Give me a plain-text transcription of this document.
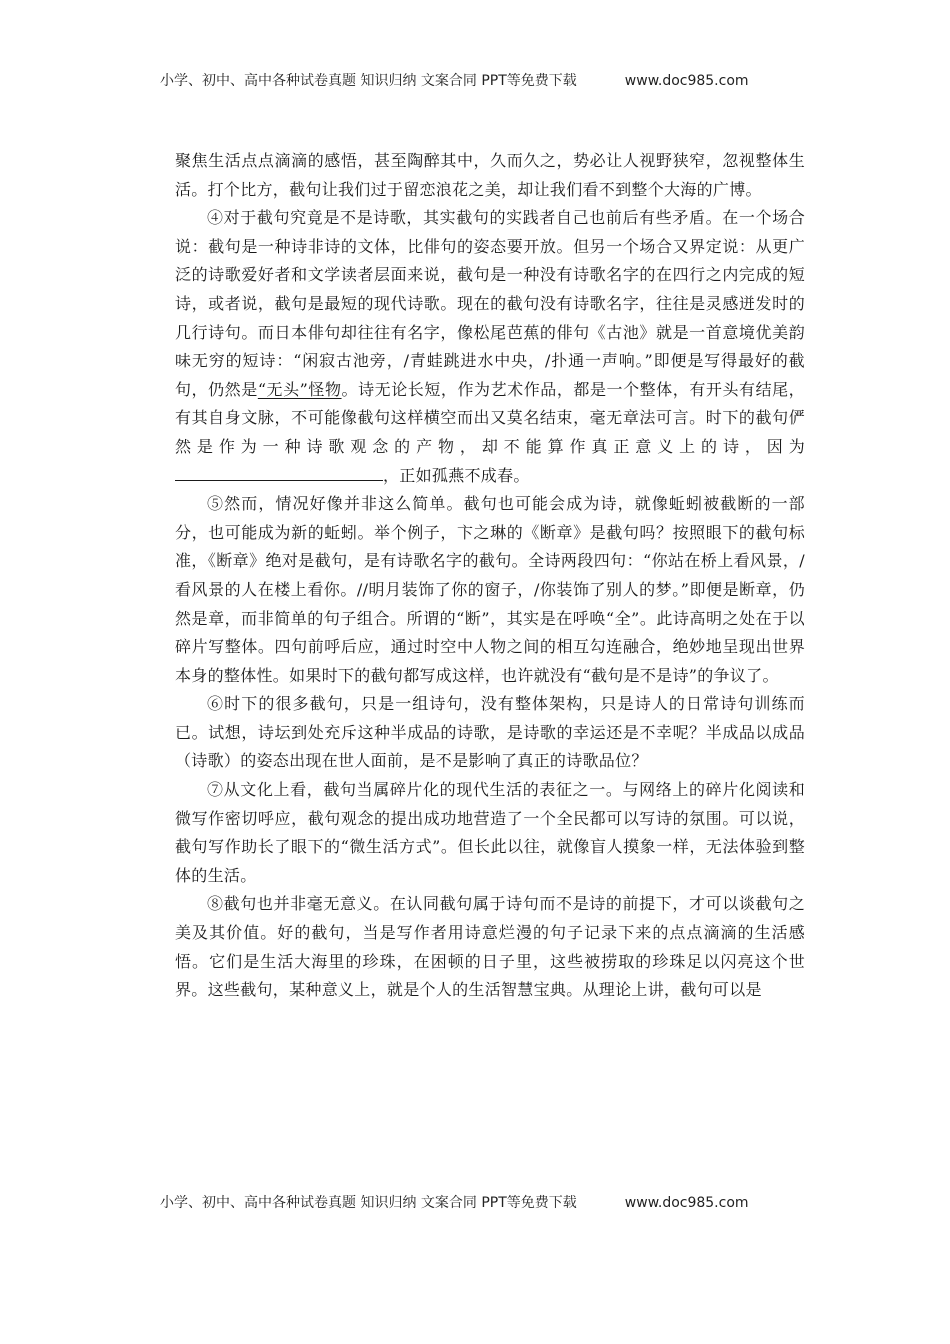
小学、初中、高中各种试卷真题 知识归纳 文案合同 PPT等免费下载	www.doc985.com

聚焦生活点点滴滴的感悟，甚至陶醉其中，久而久之，势必让人视野狭窄，忽视整体生活。打个比方，截句让我们过于留恋浪花之美，却让我们看不到整个大海的广博。

④对于截句究竟是不是诗歌，其实截句的实践者自己也前后有些矛盾。在一个场合说：截句是一种诗非诗的文体，比俳句的姿态要开放。但另一个场合又界定说：从更广泛的诗歌爱好者和文学读者层面来说，截句是一种没有诗歌名字的在四行之内完成的短诗，或者说，截句是最短的现代诗歌。现在的截句没有诗歌名字，往往是灵感迸发时的几行诗句。而日本俳句却往往有名字，像松尾芭蕉的俳句《古池》就是一首意境优美韵味无穷的短诗：“闲寂古池旁，/青蛙跳进水中央，/扑通一声响。”即便是写得最好的截句，仍然是“无头”怪物。诗无论长短，作为艺术作品，都是一个整体，有开头有结尾，有其自身文脉，不可能像截句这样横空而出又莫名结束，毫无章法可言。时下的截句俨然是作为一种诗歌观念的产物，却不能算作真正意义上的诗，因为，正如孤燕不成春。

⑤然而，情况好像并非这么简单。截句也可能会成为诗，就像蚯蚓被截断的一部分，也可能成为新的蚯蚓。举个例子，卞之琳的《断章》是截句吗？按照眼下的截句标准，《断章》绝对是截句，是有诗歌名字的截句。全诗两段四句：“你站在桥上看风景，/看风景的人在楼上看你。//明月装饰了你的窗子，/你装饰了别人的梦。”即便是断章，仍然是章，而非简单的句子组合。所谓的“断”，其实是在呼唤“全”。此诗高明之处在于以碎片写整体。四句前呼后应，通过时空中人物之间的相互勾连融合，绝妙地呈现出世界本身的整体性。如果时下的截句都写成这样，也许就没有“截句是不是诗”的争议了。

⑥时下的很多截句，只是一组诗句，没有整体架构，只是诗人的日常诗句训练而已。试想，诗坛到处充斥这种半成品的诗歌，是诗歌的幸运还是不幸呢？半成品以成品（诗歌）的姿态出现在世人面前，是不是影响了真正的诗歌品位？

⑦从文化上看，截句当属碎片化的现代生活的表征之一。与网络上的碎片化阅读和微写作密切呼应，截句观念的提出成功地营造了一个全民都可以写诗的氛围。可以说，截句写作助长了眼下的“微生活方式”。但长此以往，就像盲人摸象一样，无法体验到整体的生活。

⑧截句也并非毫无意义。在认同截句属于诗句而不是诗的前提下，才可以谈截句之美及其价值。好的截句，当是写作者用诗意烂漫的句子记录下来的点点滴滴的生活感悟。它们是生活大海里的珍珠，在困顿的日子里，这些被捞取的珍珠足以闪亮这个世界。这些截句，某种意义上，就是个人的生活智慧宝典。从理论上讲，截句可以是

小学、初中、高中各种试卷真题 知识归纳 文案合同 PPT等免费下载	www.doc985.com
